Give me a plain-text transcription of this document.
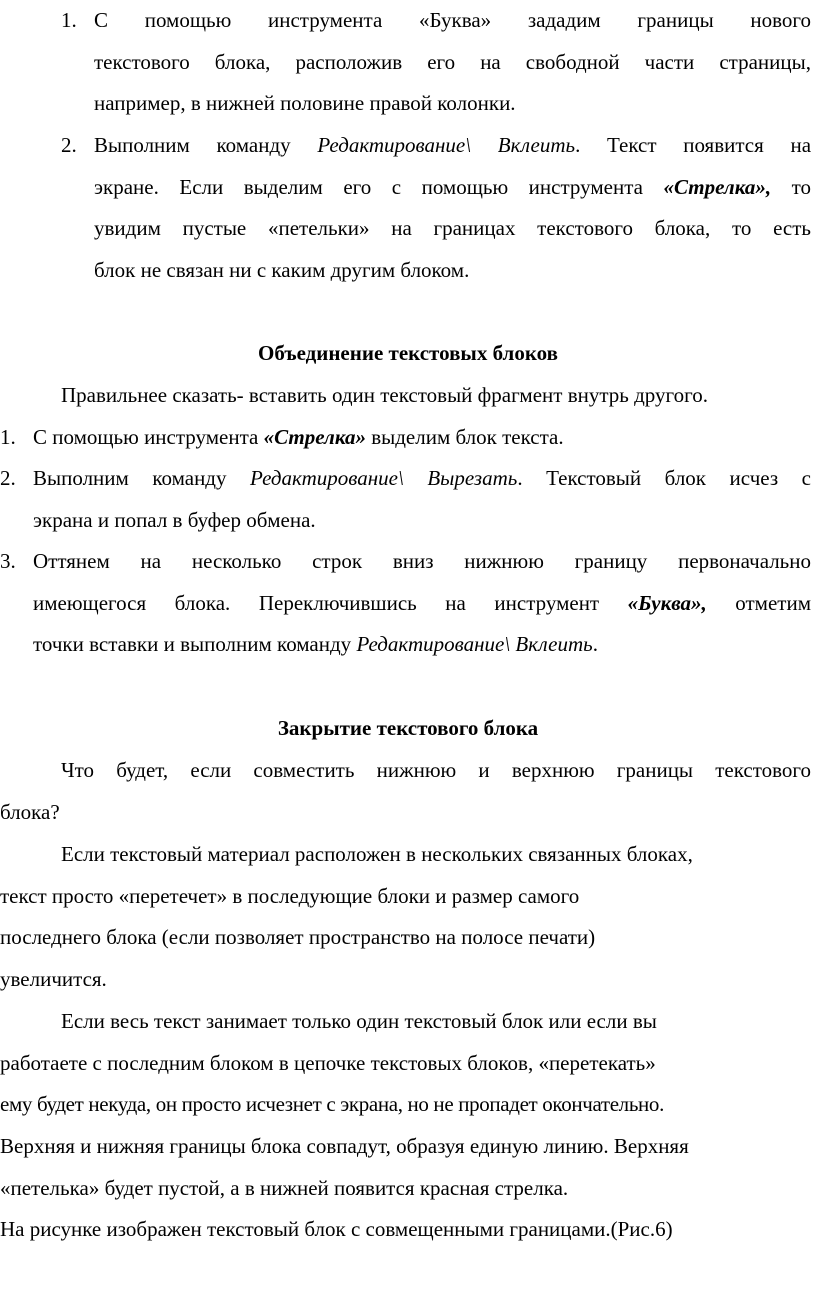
1. С помощью инструмента «Буква» зададим границы нового
текстового блока, расположив его на свободной части страницы,
например, в нижней половине правой колонки.
2. Выполним команду Редактирование\ Вклеить. Текст появится на
экране. Если выделим его с помощью инструмента «Стрелка», то
увидим пустые «петельки» на границах текстового блока, то есть
блок не связан ни с каким другим блоком.
Объединение текстовых блоков
Правильнее сказать- вставить один текстовый фрагмент внутрь другого.
1. С помощью инструмента «Стрелка» выделим блок текста.
2. Выполним команду Редактирование\ Вырезать. Текстовый блок исчез с
экрана и попал в буфер обмена.
3. Оттянем на несколько строк вниз нижнюю границу первоначально
имеющегося блока. Переключившись на инструмент «Буква», отметим
точки вставки и выполним команду Редактирование\ Вклеить.
Закрытие текстового блока
Что будет, если совместить нижнюю и верхнюю границы текстового
блока?
Если текстовый материал расположен в нескольких связанных блоках,
текст просто «перетечет» в последующие блоки и размер самого
последнего блока (если позволяет пространство на полосе печати)
увеличится.
Если весь текст занимает только один текстовый блок или если вы
работаете с последним блоком в цепочке текстовых блоков, «перетекать»
ему будет некуда, он просто исчезнет с экрана, но не пропадет окончательно.
Верхняя и нижняя границы блока совпадут, образуя единую линию. Верхняя
«петелька» будет пустой, а в нижней появится красная стрелка.
На рисунке изображен текстовый блок с совмещенными границами.(Рис.6)
